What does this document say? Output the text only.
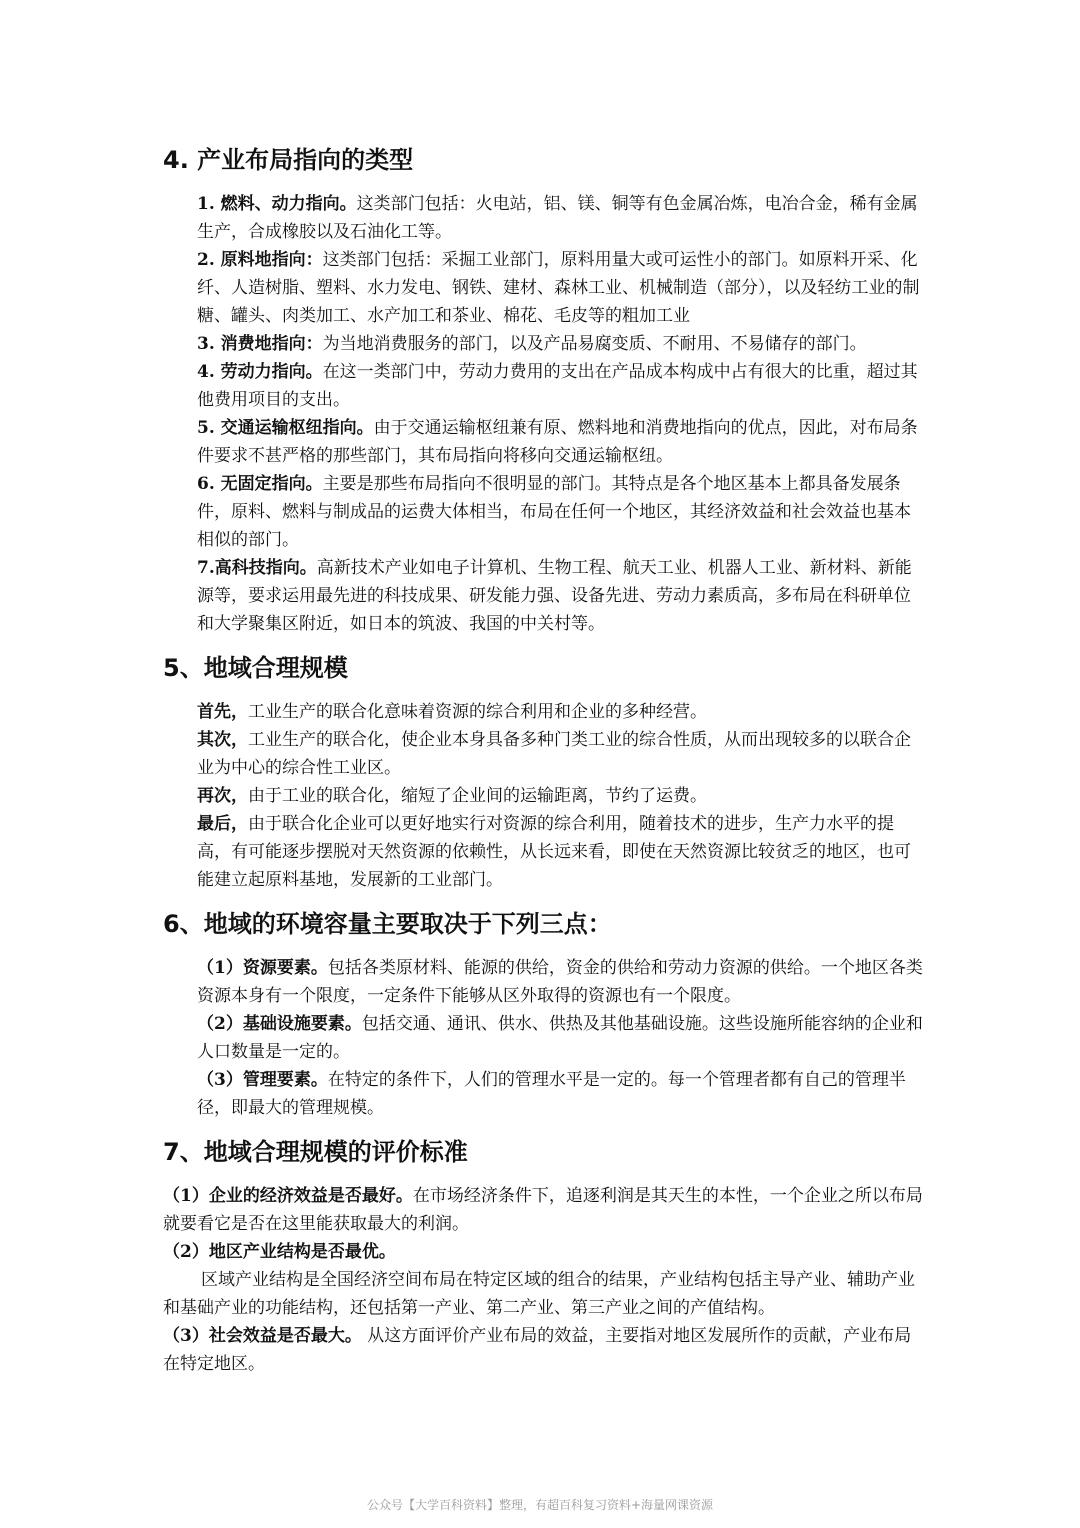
4. 产业布局指向的类型

1. 燃料、动力指向。这类部门包括：火电站，铝、镁、铜等有色金属冶炼，电冶合金，稀有金属生产，合成橡胶以及石油化工等。

2. 原料地指向：这类部门包括：采掘工业部门，原料用量大或可运性小的部门。如原料开采、化纤、人造树脂、塑料、水力发电、钢铁、建材、森林工业、机械制造（部分），以及轻纺工业的制糖、罐头、肉类加工、水产加工和茶业、棉花、毛皮等的粗加工业

3. 消费地指向：为当地消费服务的部门，以及产品易腐变质、不耐用、不易储存的部门。

4. 劳动力指向。在这一类部门中，劳动力费用的支出在产品成本构成中占有很大的比重，超过其他费用项目的支出。

5. 交通运输枢纽指向。由于交通运输枢纽兼有原、燃料地和消费地指向的优点，因此，对布局条件要求不甚严格的那些部门，其布局指向将移向交通运输枢纽。

6. 无固定指向。主要是那些布局指向不很明显的部门。其特点是各个地区基本上都具备发展条件，原料、燃料与制成品的运费大体相当，布局在任何一个地区，其经济效益和社会效益也基本相似的部门。

7.高科技指向。高新技术产业如电子计算机、生物工程、航天工业、机器人工业、新材料、新能源等，要求运用最先进的科技成果、研发能力强、设备先进、劳动力素质高，多布局在科研单位和大学聚集区附近，如日本的筑波、我国的中关村等。

5、地域合理规模

首先，工业生产的联合化意味着资源的综合利用和企业的多种经营。

其次，工业生产的联合化，使企业本身具备多种门类工业的综合性质，从而出现较多的以联合企业为中心的综合性工业区。

再次，由于工业的联合化，缩短了企业间的运输距离，节约了运费。

最后，由于联合化企业可以更好地实行对资源的综合利用，随着技术的进步，生产力水平的提高，有可能逐步摆脱对天然资源的依赖性，从长远来看，即使在天然资源比较贫乏的地区，也可能建立起原料基地，发展新的工业部门。

6、地域的环境容量主要取决于下列三点：

（1）资源要素。包括各类原材料、能源的供给，资金的供给和劳动力资源的供给。一个地区各类资源本身有一个限度，一定条件下能够从区外取得的资源也有一个限度。

（2）基础设施要素。包括交通、通讯、供水、供热及其他基础设施。这些设施所能容纳的企业和人口数量是一定的。

（3）管理要素。在特定的条件下，人们的管理水平是一定的。每一个管理者都有自己的管理半径，即最大的管理规模。

7、地域合理规模的评价标准

（1）企业的经济效益是否最好。在市场经济条件下，追逐利润是其天生的本性，一个企业之所以布局就要看它是否在这里能获取最大的利润。

（2）地区产业结构是否最优。

区域产业结构是全国经济空间布局在特定区域的组合的结果，产业结构包括主导产业、辅助产业和基础产业的功能结构，还包括第一产业、第二产业、第三产业之间的产值结构。

（3）社会效益是否最大。 从这方面评价产业布局的效益，主要指对地区发展所作的贡献，产业布局在特定地区。

公众号【大学百科资料】整理，有超百科复习资料+海量网课资源
